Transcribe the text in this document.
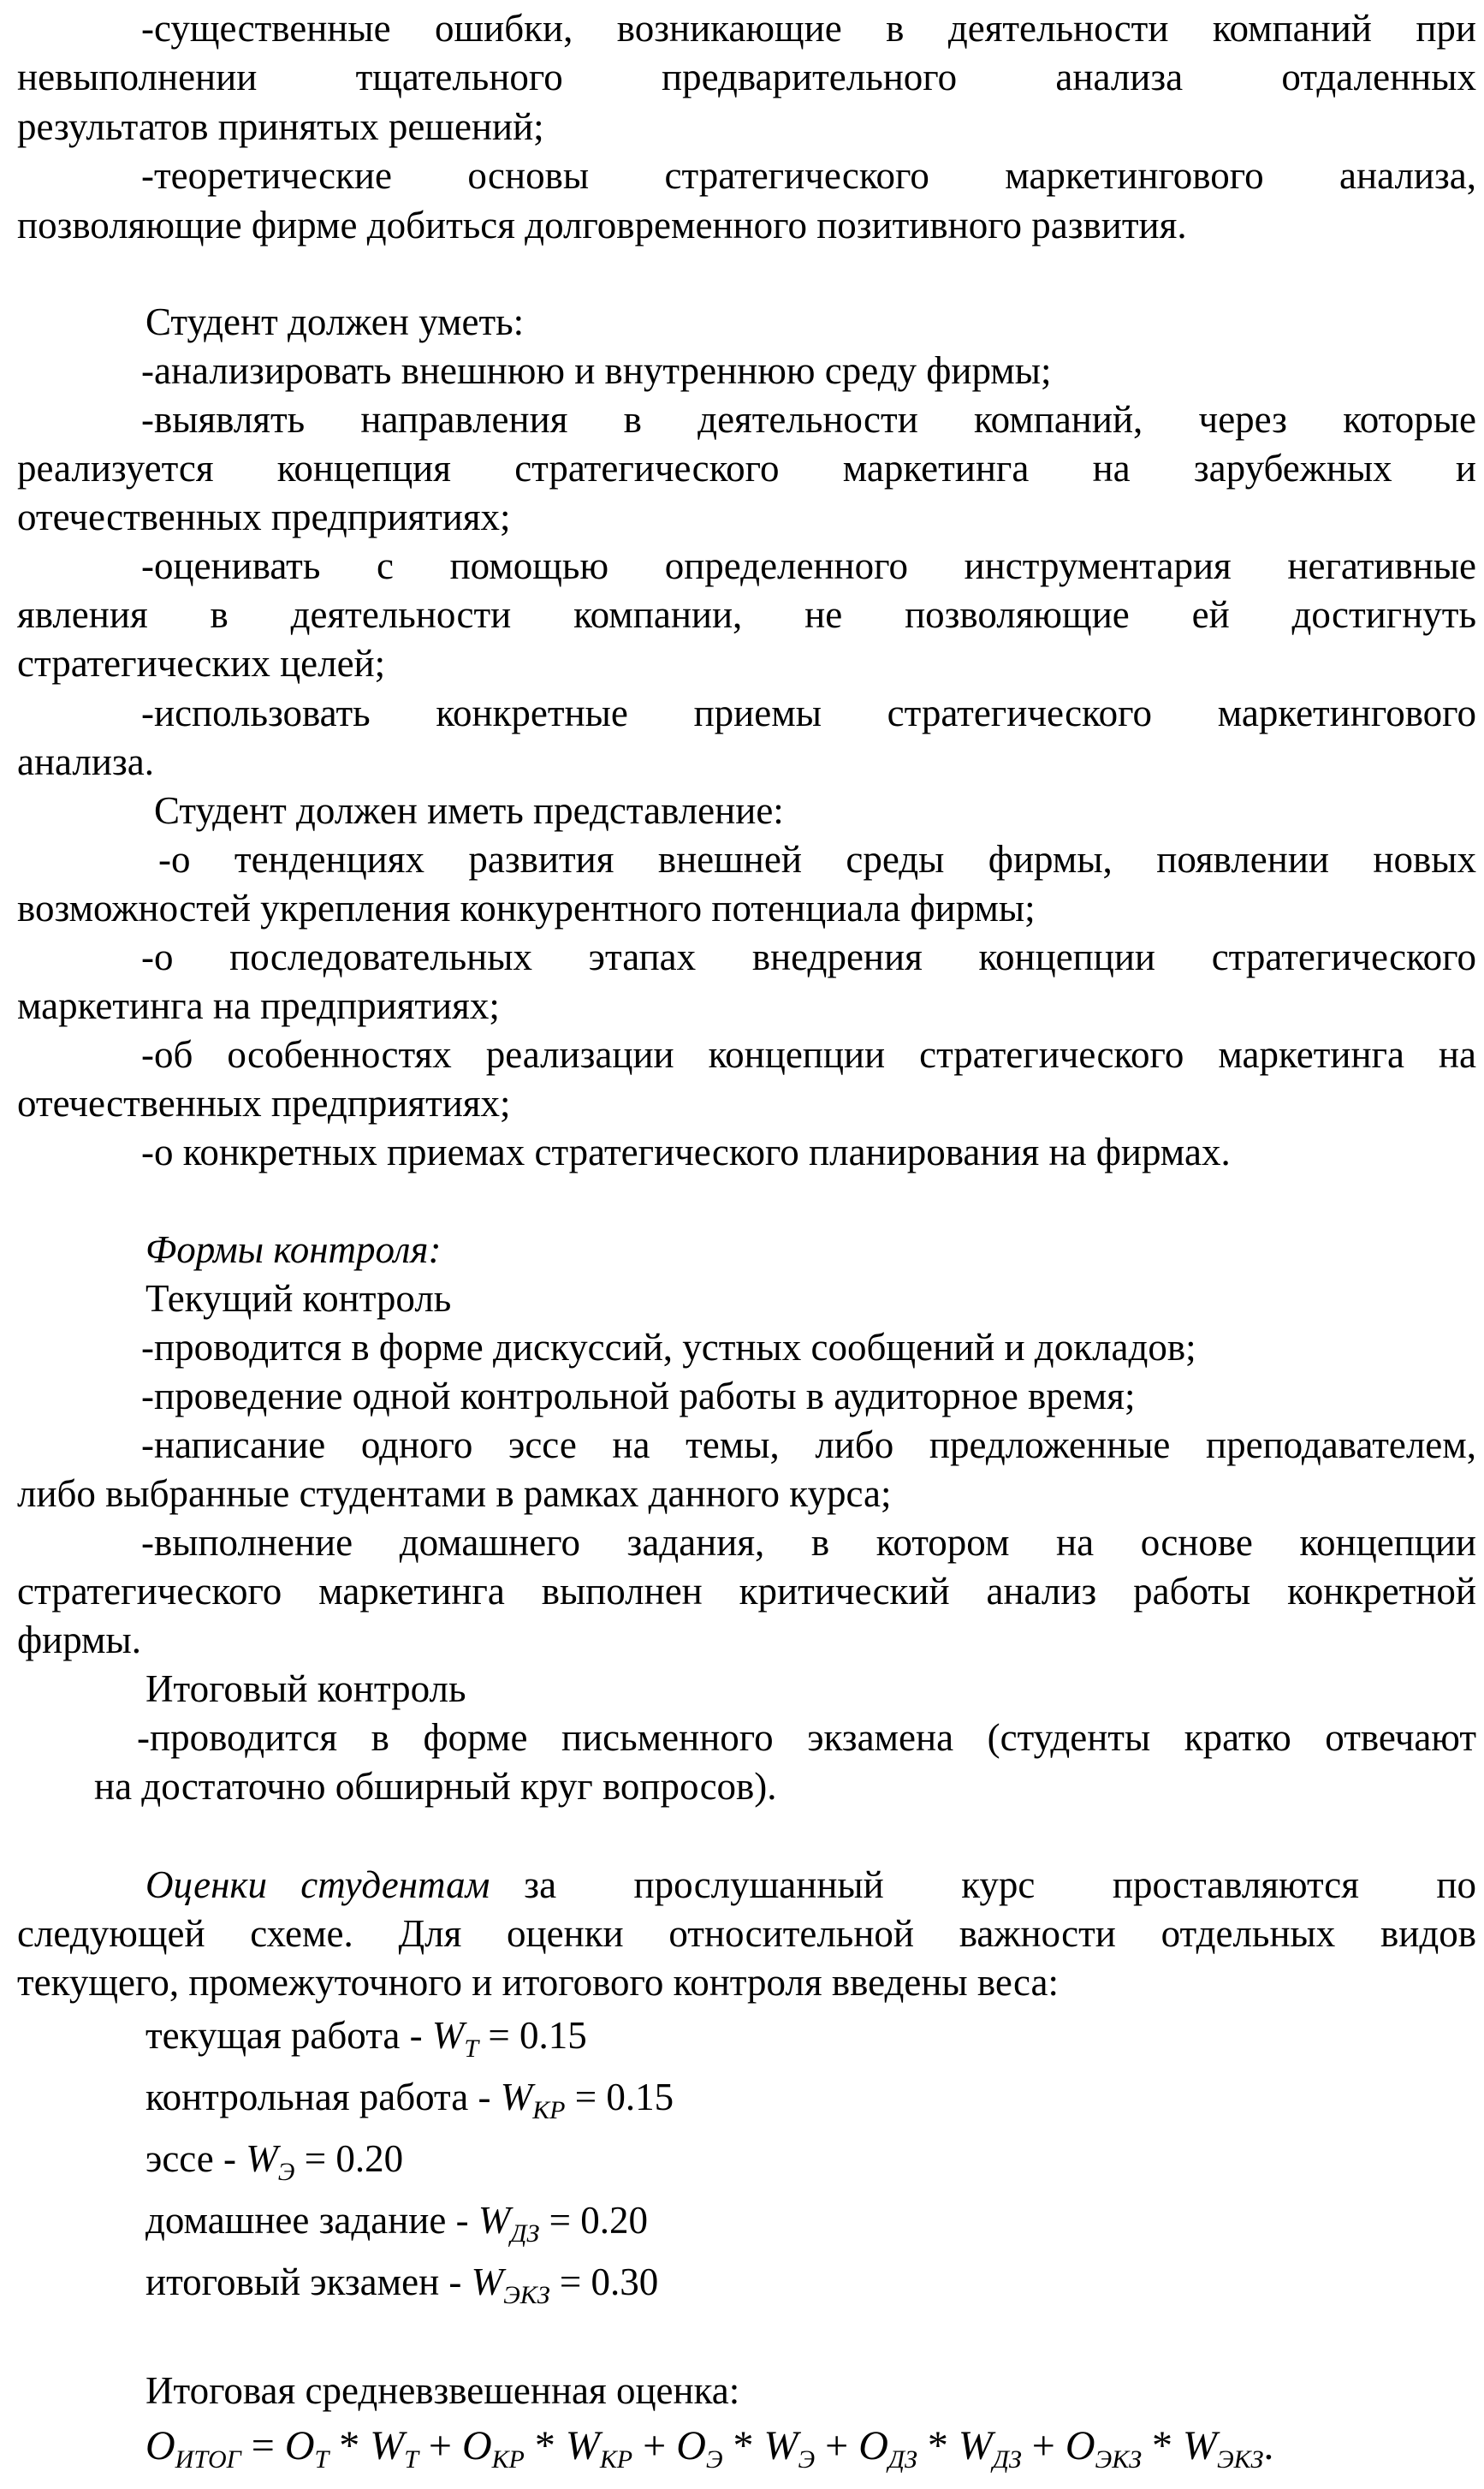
-существенные ошибки, возникающие в деятельности компаний при
невыполнении тщательного предварительного анализа отдаленных
результатов принятых решений;
-теоретические основы стратегического маркетингового анализа,
позволяющие фирме добиться долговременного позитивного развития.
Студент должен уметь:
-анализировать внешнюю и внутреннюю среду фирмы;
-выявлять направления в деятельности компаний, через которые
реализуется концепция стратегического маркетинга на зарубежных и
отечественных предприятиях;
-оценивать с помощью определенного инструментария негативные
явления в деятельности компании, не позволяющие ей достигнуть
стратегических целей;
-использовать конкретные приемы стратегического маркетингового
анализа.
Студент должен иметь представление:
-о тенденциях развития внешней среды фирмы, появлении новых
возможностей укрепления конкурентного потенциала фирмы;
-о последовательных этапах внедрения концепции стратегического
маркетинга на предприятиях;
-об особенностях реализации концепции стратегического маркетинга на
отечественных предприятиях;
-о конкретных приемах стратегического планирования на фирмах.
Формы контроля:
Текущий контроль
-проводится в форме дискуссий, устных сообщений и докладов;
-проведение одной контрольной работы в аудиторное время;
-написание одного эссе на темы, либо предложенные преподавателем,
либо выбранные студентами в рамках данного курса;
-выполнение домашнего задания, в котором на основе концепции
стратегического маркетинга выполнен критический анализ работы конкретной
фирмы.
Итоговый контроль
-проводится в форме письменного экзамена (студенты кратко отвечают
на достаточно обширный круг вопросов).
Оценки студентам за прослушанный курс проставляются по
следующей схеме. Для оценки относительной важности отдельных видов
текущего, промежуточного и итогового контроля введены веса:
текущая работа - $W_Т = 0.15$
контрольная работа - $W_{КР} = 0.15$
эссе - $W_Э = 0.20$
домашнее задание - $W_{ДЗ} = 0.20$
итоговый экзамен - $W_{ЭКЗ} = 0.30$
Итоговая средневзвешенная оценка:
$O_{ИТОГ} = O_Т * W_Т + O_{КР} * W_{КР} + O_Э * W_Э + O_{ДЗ} * W_{ДЗ} + O_{ЭКЗ} * W_{ЭКЗ}$.
